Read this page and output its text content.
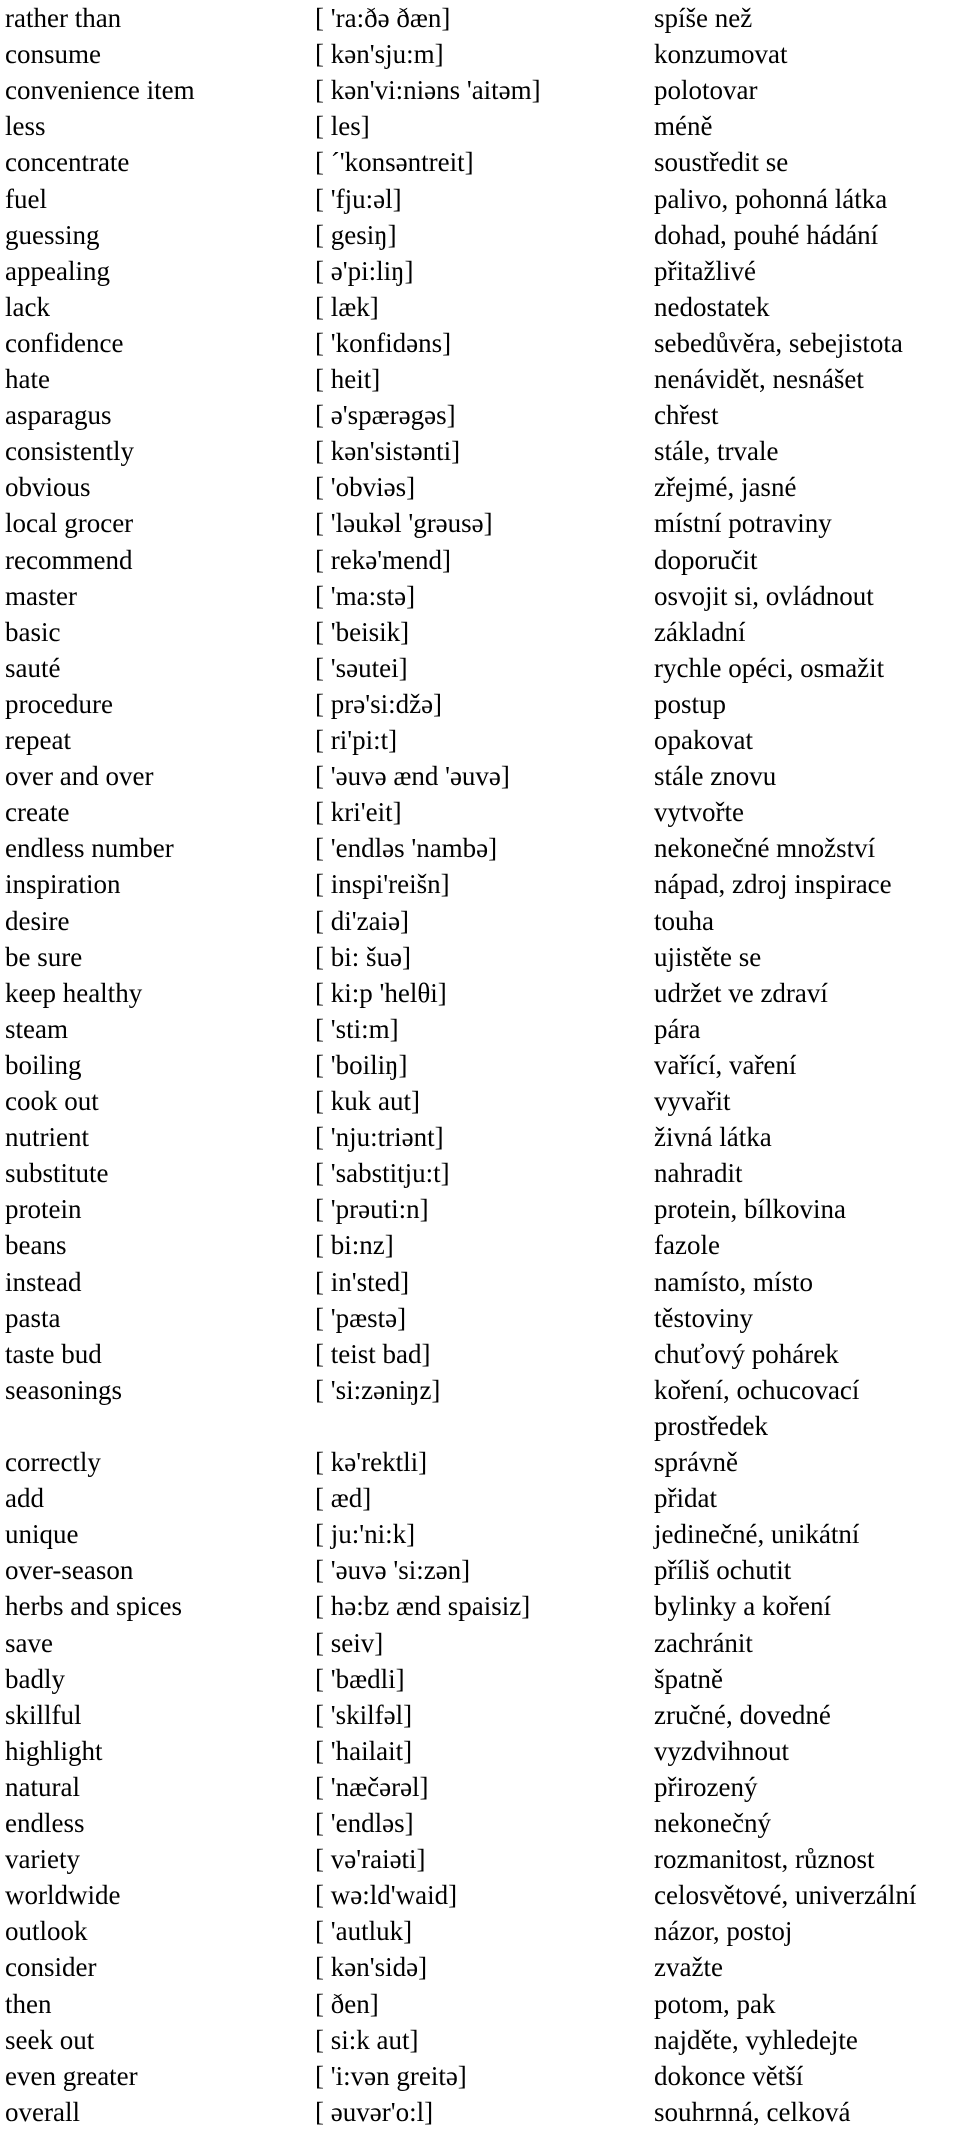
rather than	[ 'ra:ðə ðæn]	spíše než
consume	[ kən'sju:m]	konzumovat
convenience item	[ kən'vi:niəns 'aitəm]	polotovar
less	[ les]	méně
concentrate	[ ´'konsəntreit]	soustředit se
fuel	[ 'fju:əl]	palivo, pohonná látka
guessing	[ gesiŋ]	dohad, pouhé hádání
appealing	[ ə'pi:liŋ]	přitažlivé
lack	[ læk]	nedostatek
confidence	[ 'konfidəns]	sebedůvěra, sebejistota
hate	[ heit]	nenávidět, nesnášet
asparagus	[ ə'spærəgəs]	chřest
consistently	[ kən'sistənti]	stále, trvale
obvious	[ 'obviəs]	zřejmé, jasné
local grocer	[ 'ləukəl 'grəusə]	místní potraviny
recommend	[ rekə'mend]	doporučit
master	[ 'ma:stə]	osvojit si, ovládnout
basic	[ 'beisik]	základní
sauté	[ 'səutei]	rychle opéci, osmažit
procedure	[ prə'si:džə]	postup
repeat	[ ri'pi:t]	opakovat
over and over	[ 'əuvə ænd 'əuvə]	stále znovu
create	[ kri'eit]	vytvořte
endless number	[ 'endləs 'nambə]	nekonečné množství
inspiration	[ inspi'reišn]	nápad, zdroj inspirace
desire	[ di'zaiə]	touha
be sure	[ bi: šuə]	ujistěte se
keep healthy	[ ki:p 'helθi]	udržet ve zdraví
steam	[ 'sti:m]	pára
boiling	[ 'boiliŋ]	vařící, vaření
cook out	[ kuk aut]	vyvařit
nutrient	[ 'nju:triənt]	živná látka
substitute	[ 'sabstitju:t]	nahradit
protein	[ 'prəuti:n]	protein, bílkovina
beans	[ bi:nz]	fazole
instead	[ in'sted]	namísto, místo
pasta	[ 'pæstə]	těstoviny
taste bud	[ teist bad]	chuťový pohárek
seasonings	[ 'si:zəniŋz]	koření, ochucovací
prostředek
correctly	[ kə'rektli]	správně
add	[ æd]	přidat
unique	[ ju:'ni:k]	jedinečné, unikátní
over-season	[ 'əuvə 'si:zən]	příliš ochutit
herbs and spices	[ hə:bz ænd spaisiz]	bylinky a koření
save	[ seiv]	zachránit
badly	[ 'bædli]	špatně
skillful	[ 'skilfəl]	zručné, dovedné
highlight	[ 'hailait]	vyzdvihnout
natural	[ 'næčərəl]	přirozený
endless	[ 'endləs]	nekonečný
variety	[ və'raiəti]	rozmanitost, různost
worldwide	[ wə:ld'waid]	celosvětové, univerzální
outlook	[ 'autluk]	názor, postoj
consider	[ kən'sidə]	zvažte
then	[ ðen]	potom, pak
seek out	[ si:k aut]	najděte, vyhledejte
even greater	[ 'i:vən greitə]	dokonce větší
overall	[ əuvər'o:l]	souhrnná, celková
